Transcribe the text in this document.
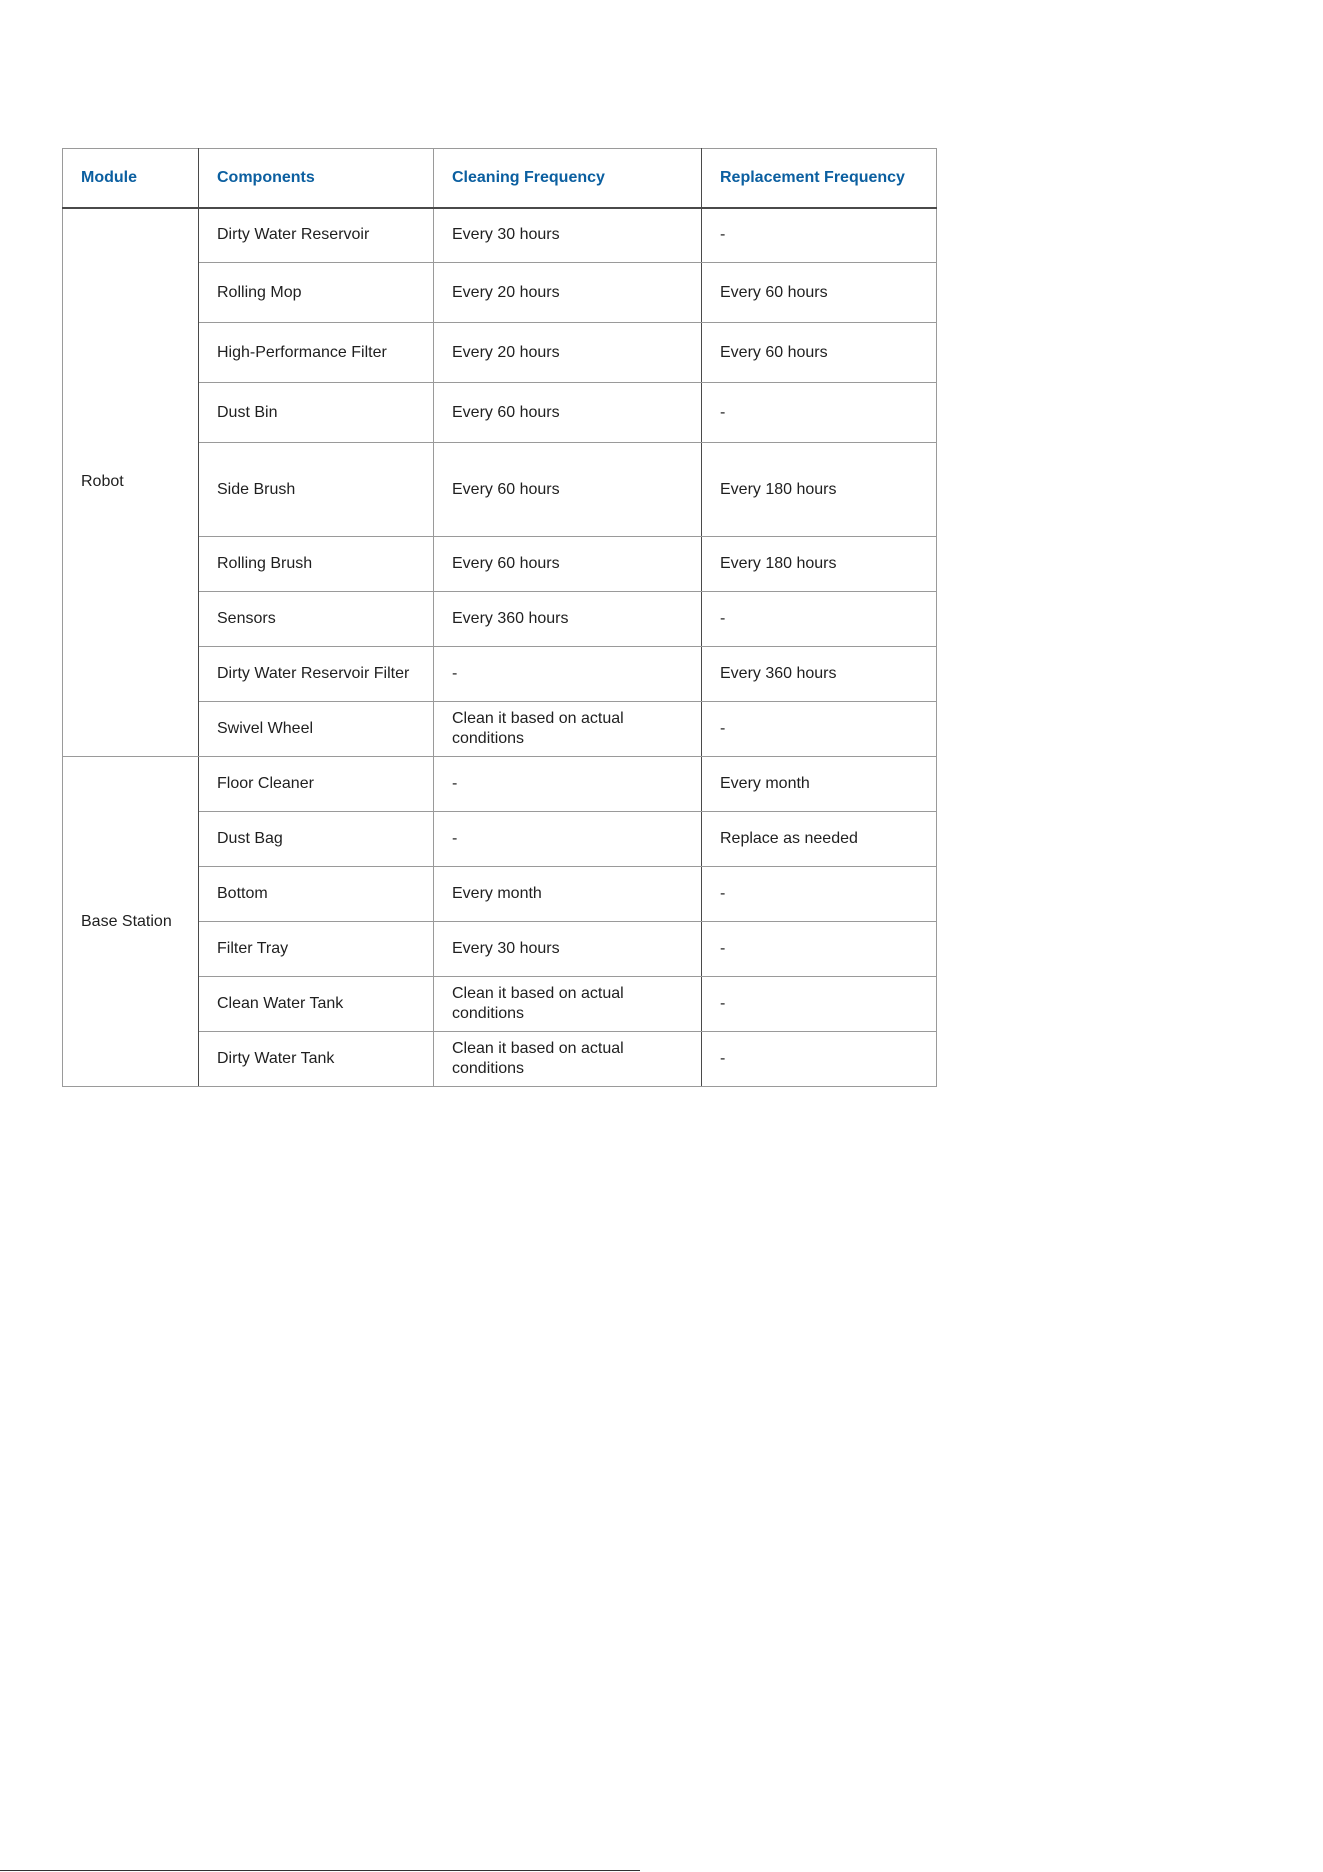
Module	Components	Cleaning Frequency	Replacement Frequency
Robot	Dirty Water Reservoir	Every 30 hours	-
	Rolling Mop	Every 20 hours	Every 60 hours
	High-Performance Filter	Every 20 hours	Every 60 hours
	Dust Bin	Every 60 hours	-
	Side Brush	Every 60 hours	Every 180 hours
	Rolling Brush	Every 60 hours	Every 180 hours
	Sensors	Every 360 hours	-
	Dirty Water Reservoir Filter	-	Every 360 hours
	Swivel Wheel	Clean it based on actual conditions	-
Base Station	Floor Cleaner	-	Every month
	Dust Bag	-	Replace as needed
	Bottom	Every month	-
	Filter Tray	Every 30 hours	-
	Clean Water Tank	Clean it based on actual conditions	-
	Dirty Water Tank	Clean it based on actual conditions	-
